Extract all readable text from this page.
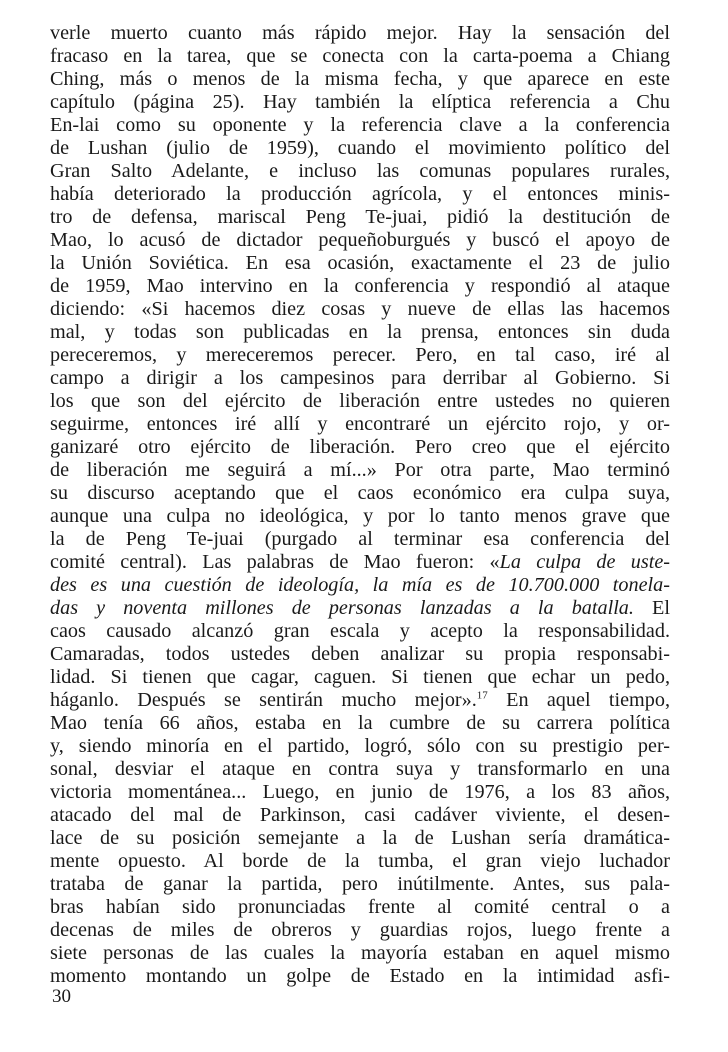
verle muerto cuanto más rápido mejor. Hay la sensación del
fracaso en la tarea, que se conecta con la carta-poema a Chiang
Ching, más o menos de la misma fecha, y que aparece en este
capítulo (página 25). Hay también la elíptica referencia a Chu
En-lai como su oponente y la referencia clave a la conferencia
de Lushan (julio de 1959), cuando el movimiento político del
Gran Salto Adelante, e incluso las comunas populares rurales,
había deteriorado la producción agrícola, y el entonces minis-
tro de defensa, mariscal Peng Te-juai, pidió la destitución de
Mao, lo acusó de dictador pequeñoburgués y buscó el apoyo de
la Unión Soviética. En esa ocasión, exactamente el 23 de julio
de 1959, Mao intervino en la conferencia y respondió al ataque
diciendo: «Si hacemos diez cosas y nueve de ellas las hacemos
mal, y todas son publicadas en la prensa, entonces sin duda
pereceremos, y mereceremos perecer. Pero, en tal caso, iré al
campo a dirigir a los campesinos para derribar al Gobierno. Si
los que son del ejército de liberación entre ustedes no quieren
seguirme, entonces iré allí y encontraré un ejército rojo, y or-
ganizaré otro ejército de liberación. Pero creo que el ejército
de liberación me seguirá a mí...» Por otra parte, Mao terminó
su discurso aceptando que el caos económico era culpa suya,
aunque una culpa no ideológica, y por lo tanto menos grave que
la de Peng Te-juai (purgado al terminar esa conferencia del
comité central). Las palabras de Mao fueron: «La culpa de uste-
des es una cuestión de ideología, la mía es de 10.700.000 tonela-
das y noventa millones de personas lanzadas a la batalla. El
caos causado alcanzó gran escala y acepto la responsabilidad.
Camaradas, todos ustedes deben analizar su propia responsabi-
lidad. Si tienen que cagar, caguen. Si tienen que echar un pedo,
háganlo. Después se sentirán mucho mejor».$^{17}$ En aquel tiempo,
Mao tenía 66 años, estaba en la cumbre de su carrera política
y, siendo minoría en el partido, logró, sólo con su prestigio per-
sonal, desviar el ataque en contra suya y transformarlo en una
victoria momentánea... Luego, en junio de 1976, a los 83 años,
atacado del mal de Parkinson, casi cadáver viviente, el desen-
lace de su posición semejante a la de Lushan sería dramática-
mente opuesto. Al borde de la tumba, el gran viejo luchador
trataba de ganar la partida, pero inútilmente. Antes, sus pala-
bras habían sido pronunciadas frente al comité central o a
decenas de miles de obreros y guardias rojos, luego frente a
siete personas de las cuales la mayoría estaban en aquel mismo
momento montando un golpe de Estado en la intimidad asfi-
30
